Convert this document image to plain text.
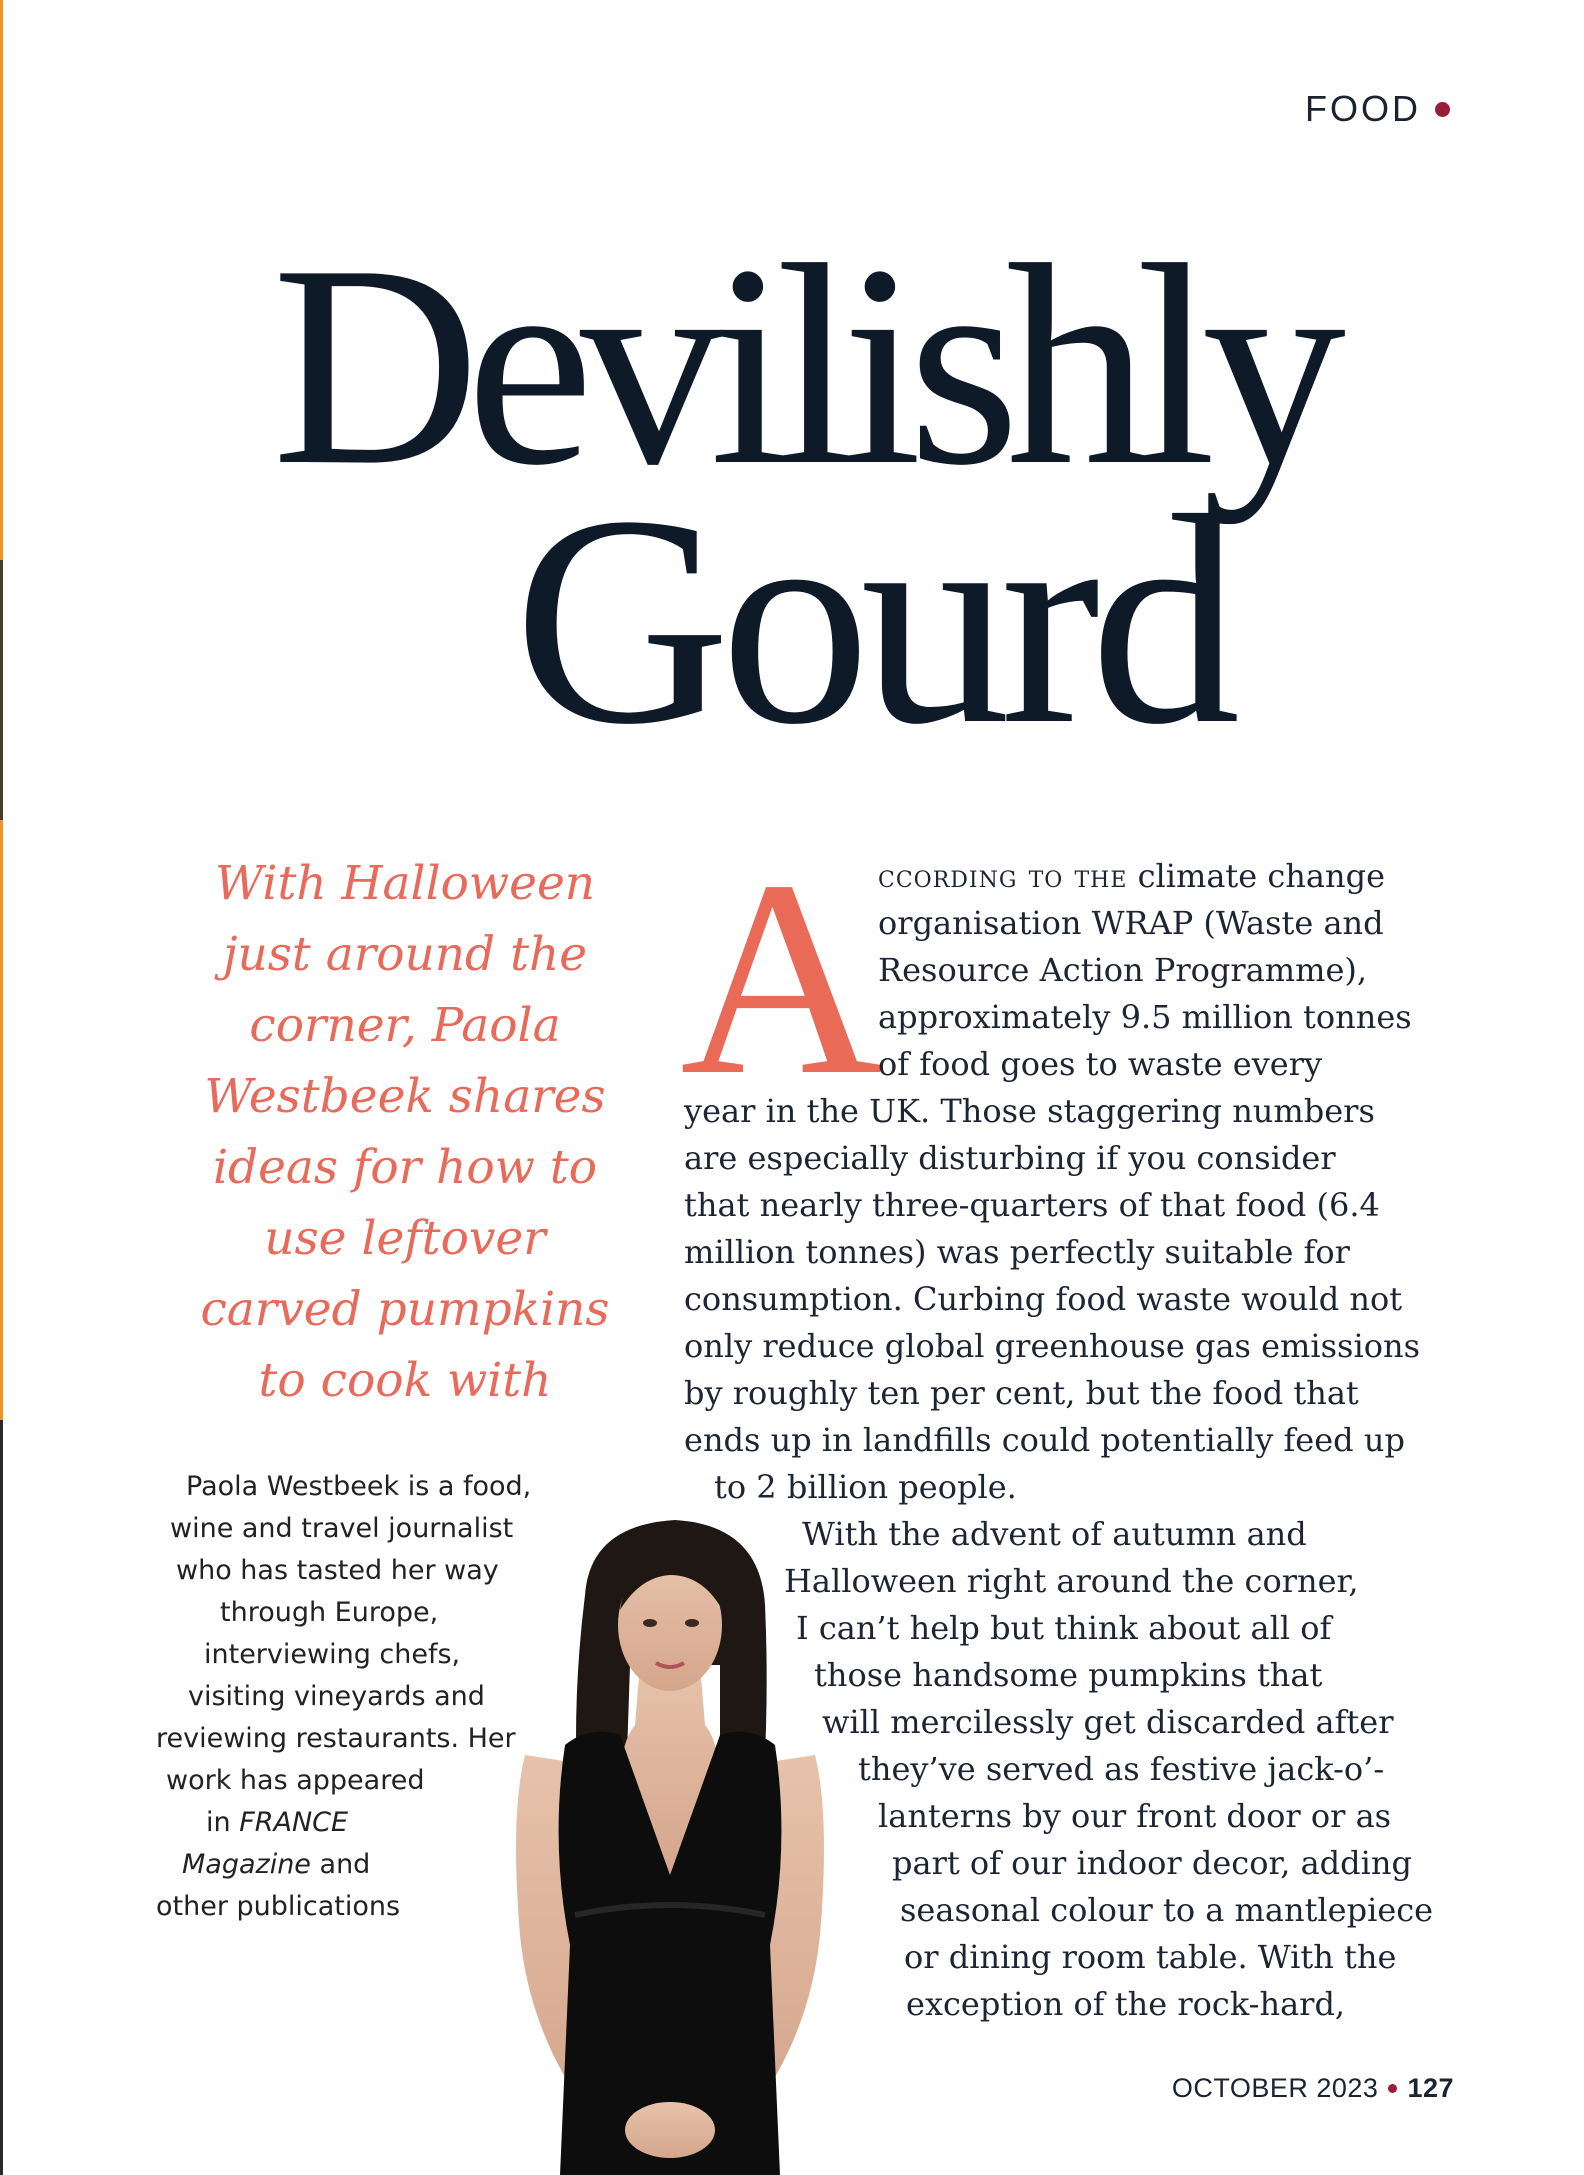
FOOD
Devilishly
Gourd

With Halloween just around the corner, Paola Westbeek shares ideas for how to use leftover carved pumpkins to cook with

Paola Westbeek is a food,
wine and travel journalist
who has tasted her way
through Europe,
interviewing chefs,
visiting vineyards and
reviewing restaurants. Her
work has appeared
in FRANCE
Magazine and
other publications
A
ccording to the climate change
organisation WRAP (Waste and
Resource Action Programme),
approximately 9.5 million tonnes
of food goes to waste every
year in the UK. Those staggering numbers
are especially disturbing if you consider
that nearly three-quarters of that food (6.4
million tonnes) was perfectly suitable for
consumption. Curbing food waste would not
only reduce global greenhouse gas emissions
by roughly ten per cent, but the food that
ends up in landfills could potentially feed up
to 2 billion people.
With the advent of autumn and
Halloween right around the corner,
I can’t help but think about all of
those handsome pumpkins that
will mercilessly get discarded after
they’ve served as festive jack-o’-
lanterns by our front door or as
part of our indoor decor, adding
seasonal colour to a mantlepiece
or dining room table. With the
exception of the rock-hard,
OCTOBER 2023 127
